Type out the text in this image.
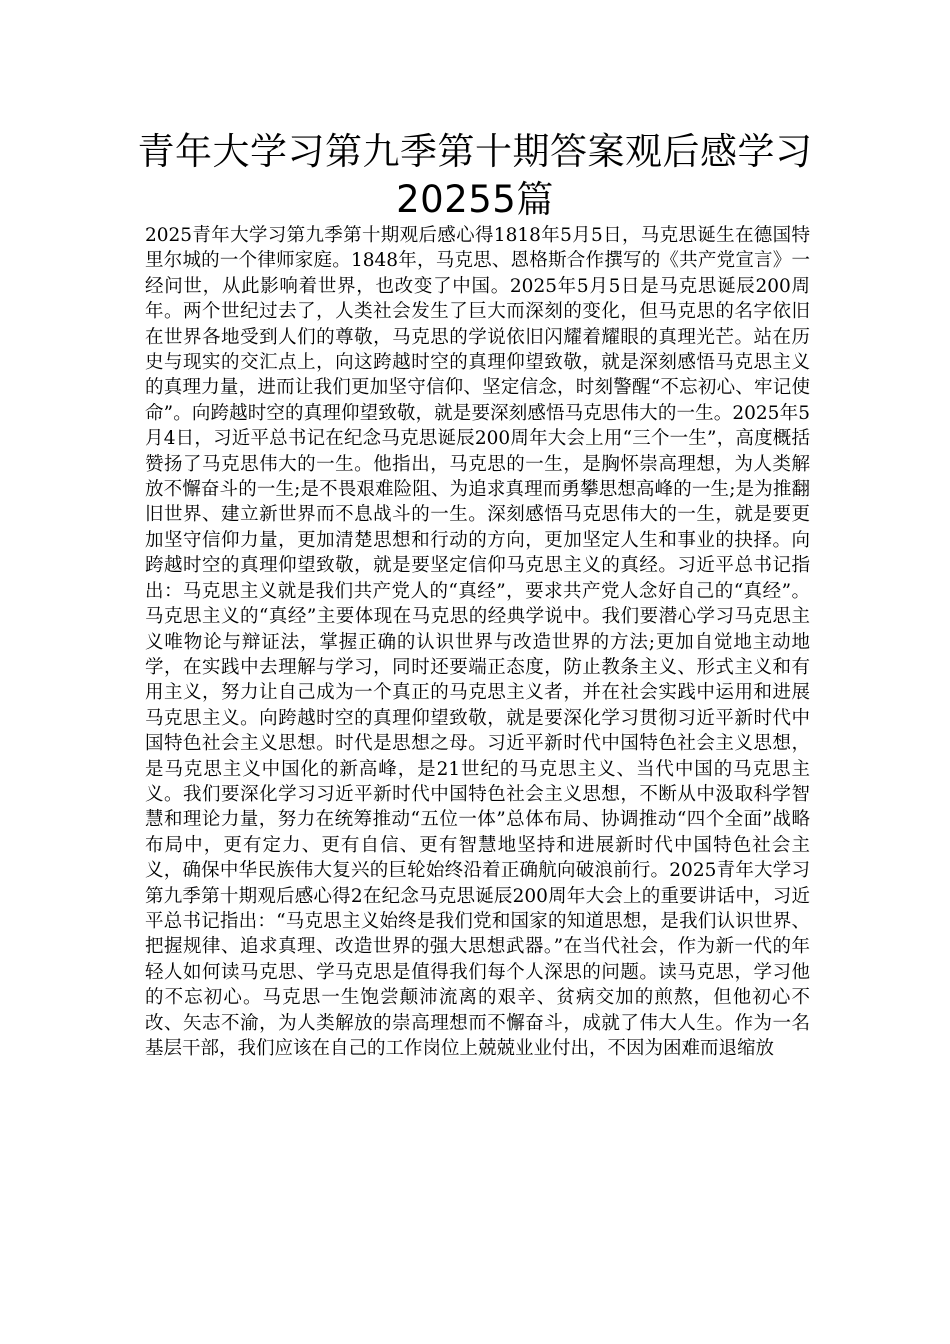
青年大学习第九季第十期答案观后感学习20255篇

2025青年大学习第九季第十期观后感心得1818年5月5日，马克思诞生在德国特里尔城的一个律师家庭。1848年，马克思、恩格斯合作撰写的《共产党宣言》一经问世，从此影响着世界，也改变了中国。2025年5月5日是马克思诞辰200周年。两个世纪过去了，人类社会发生了巨大而深刻的变化，但马克思的名字依旧在世界各地受到人们的尊敬，马克思的学说依旧闪耀着耀眼的真理光芒。站在历史与现实的交汇点上，向这跨越时空的真理仰望致敬，就是深刻感悟马克思主义的真理力量，进而让我们更加坚守信仰、坚定信念，时刻警醒“不忘初心、牢记使命”。向跨越时空的真理仰望致敬，就是要深刻感悟马克思伟大的一生。2025年5月4日，习近平总书记在纪念马克思诞辰200周年大会上用“三个一生”，高度概括赞扬了马克思伟大的一生。他指出，马克思的一生，是胸怀崇高理想，为人类解放不懈奋斗的一生;是不畏艰难险阻、为追求真理而勇攀思想高峰的一生;是为推翻旧世界、建立新世界而不息战斗的一生。深刻感悟马克思伟大的一生，就是要更加坚守信仰力量，更加清楚思想和行动的方向，更加坚定人生和事业的抉择。向跨越时空的真理仰望致敬，就是要坚定信仰马克思主义的真经。习近平总书记指出：马克思主义就是我们共产党人的“真经”，要求共产党人念好自己的“真经”。马克思主义的“真经”主要体现在马克思的经典学说中。我们要潜心学习马克思主义唯物论与辩证法，掌握正确的认识世界与改造世界的方法;更加自觉地主动地学，在实践中去理解与学习，同时还要端正态度，防止教条主义、形式主义和有用主义，努力让自己成为一个真正的马克思主义者，并在社会实践中运用和进展马克思主义。向跨越时空的真理仰望致敬，就是要深化学习贯彻习近平新时代中国特色社会主义思想。时代是思想之母。习近平新时代中国特色社会主义思想，是马克思主义中国化的新高峰，是21世纪的马克思主义、当代中国的马克思主义。我们要深化学习习近平新时代中国特色社会主义思想，不断从中汲取科学智慧和理论力量，努力在统筹推动“五位一体”总体布局、协调推动“四个全面”战略布局中，更有定力、更有自信、更有智慧地坚持和进展新时代中国特色社会主义，确保中华民族伟大复兴的巨轮始终沿着正确航向破浪前行。2025青年大学习第九季第十期观后感心得2在纪念马克思诞辰200周年大会上的重要讲话中，习近平总书记指出：“马克思主义始终是我们党和国家的知道思想，是我们认识世界、把握规律、追求真理、改造世界的强大思想武器。”在当代社会，作为新一代的年轻人如何读马克思、学马克思是值得我们每个人深思的问题。读马克思，学习他的不忘初心。马克思一生饱尝颠沛流离的艰辛、贫病交加的煎熬，但他初心不改、矢志不渝，为人类解放的崇高理想而不懈奋斗，成就了伟大人生。作为一名基层干部，我们应该在自己的工作岗位上兢兢业业付出，不因为困难而退缩放
